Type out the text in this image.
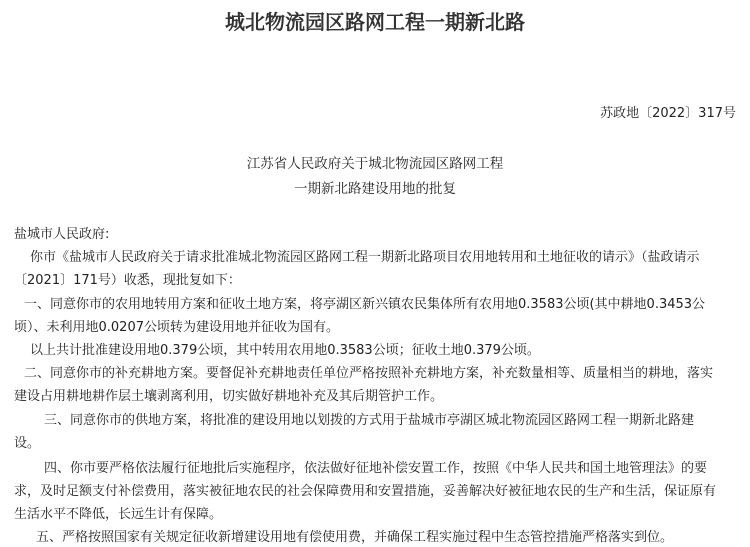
城北物流园区路网工程一期新北路
苏政地〔2022〕317号
江苏省人民政府关于城北物流园区路网工程
一期新北路建设用地的批复
盐城市人民政府:
你市《盐城市人民政府关于请求批准城北物流园区路网工程一期新北路项目农用地转用和土地征收的请示》（盐政请示
〔2021〕171号）收悉，现批复如下：
一、同意你市的农用地转用方案和征收土地方案，将亭湖区新兴镇农民集体所有农用地0.3583公顷(其中耕地0.3453公
顷）、未利用地0.0207公顷转为建设用地并征收为国有。
以上共计批准建设用地0.379公顷，其中转用农用地0.3583公顷；征收土地0.379公顷。
二、同意你市的补充耕地方案。要督促补充耕地责任单位严格按照补充耕地方案，补充数量相等、质量相当的耕地，落实
建设占用耕地耕作层土壤剥离利用，切实做好耕地补充及其后期管护工作。
三、同意你市的供地方案，将批准的建设用地以划拨的方式用于盐城市亭湖区城北物流园区路网工程一期新北路建
设。
四、你市要严格依法履行征地批后实施程序，依法做好征地补偿安置工作，按照《中华人民共和国土地管理法》的要
求，及时足额支付补偿费用，落实被征地农民的社会保障费用和安置措施，妥善解决好被征地农民的生产和生活，保证原有
生活水平不降低，长远生计有保障。
五、严格按照国家有关规定征收新增建设用地有偿使用费，并确保工程实施过程中生态管控措施严格落实到位。
